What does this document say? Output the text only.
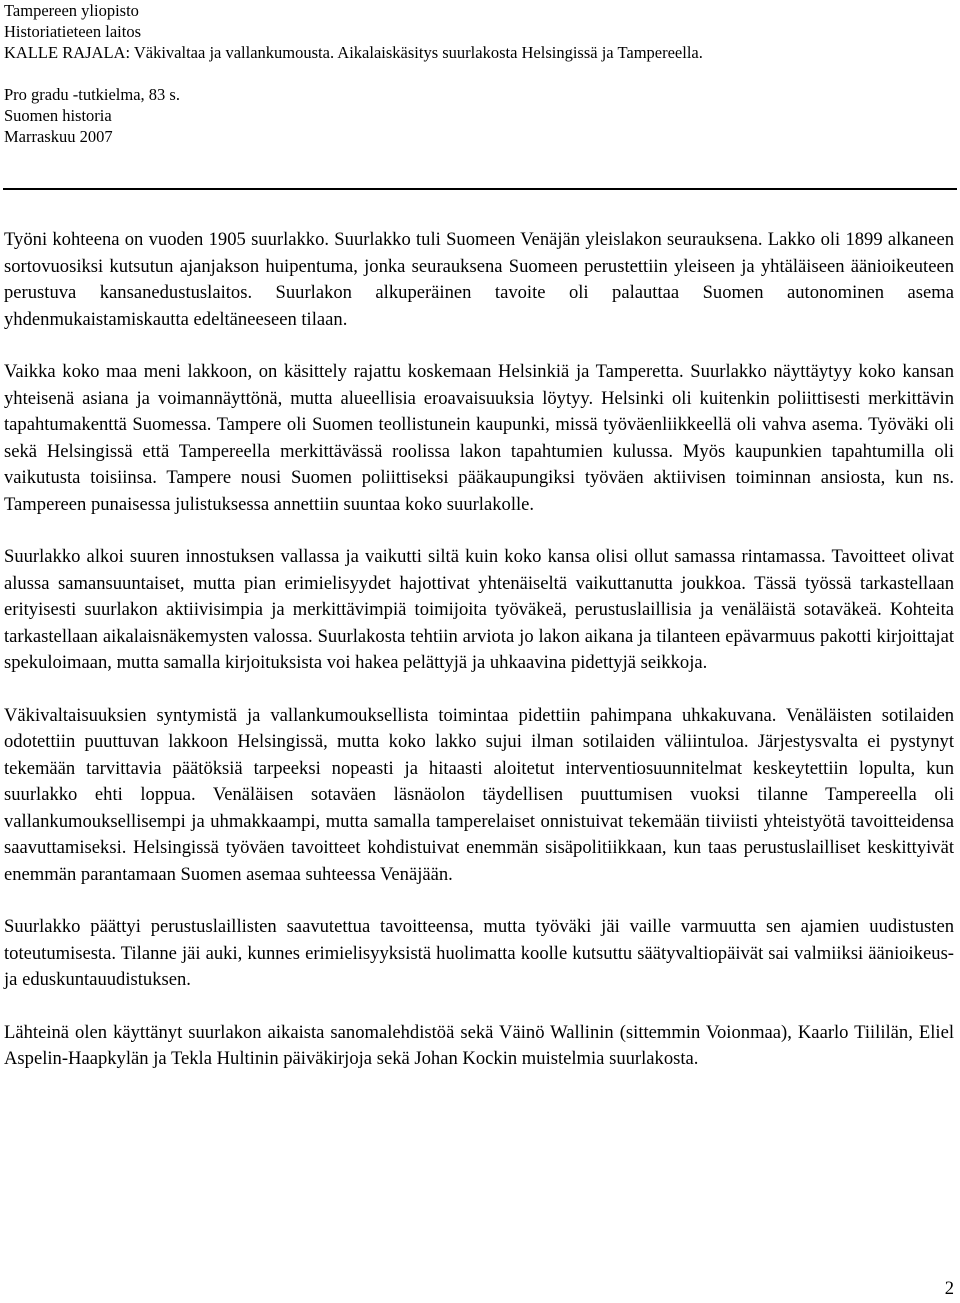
Tampereen yliopisto
Historiatieteen laitos
KALLE RAJALA: Väkivaltaa ja vallankumousta. Aikalaiskäsitys suurlakosta Helsingissä ja Tampereella.
Pro gradu -tutkielma, 83 s.
Suomen historia
Marraskuu 2007

Työni kohteena on vuoden 1905 suurlakko. Suurlakko tuli Suomeen Venäjän yleislakon seurauksena. Lakko oli 1899 alkaneen sortovuosiksi kutsutun ajanjakson huipentuma, jonka seurauksena Suomeen perustettiin yleiseen ja yhtäläiseen äänioikeuteen perustuva kansanedustuslaitos. Suurlakon alkuperäinen tavoite oli palauttaa Suomen autonominen asema yhdenmukaistamiskautta edeltäneeseen tilaan.

Vaikka koko maa meni lakkoon, on käsittely rajattu koskemaan Helsinkiä ja Tamperetta. Suurlakko näyttäytyy koko kansan yhteisenä asiana ja voimannäyttönä, mutta alueellisia eroavaisuuksia löytyy. Helsinki oli kuitenkin poliittisesti merkittävin tapahtumakenttä Suomessa. Tampere oli Suomen teollistunein kaupunki, missä työväenliikkeellä oli vahva asema. Työväki oli sekä Helsingissä että Tampereella merkittävässä roolissa lakon tapahtumien kulussa. Myös kaupunkien tapahtumilla oli vaikutusta toisiinsa. Tampere nousi Suomen poliittiseksi pääkaupungiksi työväen aktiivisen toiminnan ansiosta, kun ns. Tampereen punaisessa julistuksessa annettiin suuntaa koko suurlakolle.

Suurlakko alkoi suuren innostuksen vallassa ja vaikutti siltä kuin koko kansa olisi ollut samassa rintamassa. Tavoitteet olivat alussa samansuuntaiset, mutta pian erimielisyydet hajottivat yhtenäiseltä vaikuttanutta joukkoa. Tässä työssä tarkastellaan erityisesti suurlakon aktiivisimpia ja merkittävimpiä toimijoita työväkeä, perustuslaillisia ja venäläistä sotaväkeä. Kohteita tarkastellaan aikalaisnäkemysten valossa. Suurlakosta tehtiin arviota jo lakon aikana ja tilanteen epävarmuus pakotti kirjoittajat spekuloimaan, mutta samalla kirjoituksista voi hakea pelättyjä ja uhkaavina pidettyjä seikkoja.

Väkivaltaisuuksien syntymistä ja vallankumouksellista toimintaa pidettiin pahimpana uhkakuvana. Venäläisten sotilaiden odotettiin puuttuvan lakkoon Helsingissä, mutta koko lakko sujui ilman sotilaiden väliintuloa. Järjestysvalta ei pystynyt tekemään tarvittavia päätöksiä tarpeeksi nopeasti ja hitaasti aloitetut interventiosuunnitelmat keskeytettiin lopulta, kun suurlakko ehti loppua. Venäläisen sotaväen läsnäolon täydellisen puuttumisen vuoksi tilanne Tampereella oli vallankumouksellisempi ja uhmakkaampi, mutta samalla tamperelaiset onnistuivat tekemään tiiviisti yhteistyötä tavoitteidensa saavuttamiseksi. Helsingissä työväen tavoitteet kohdistuivat enemmän sisäpolitiikkaan, kun taas perustuslailliset keskittyivät enemmän parantamaan Suomen asemaa suhteessa Venäjään.

Suurlakko päättyi perustuslaillisten saavutettua tavoitteensa, mutta työväki jäi vaille varmuutta sen ajamien uudistusten toteutumisesta. Tilanne jäi auki, kunnes erimielisyyksistä huolimatta koolle kutsuttu säätyvaltiopäivät sai valmiiksi äänioikeus- ja eduskuntauudistuksen.

Lähteinä olen käyttänyt suurlakon aikaista sanomalehdistöä sekä Väinö Wallinin (sittemmin Voionmaa), Kaarlo Tiililän, Eliel Aspelin-Haapkylän ja Tekla Hultinin päiväkirjoja sekä Johan Kockin muistelmia suurlakosta.

2
